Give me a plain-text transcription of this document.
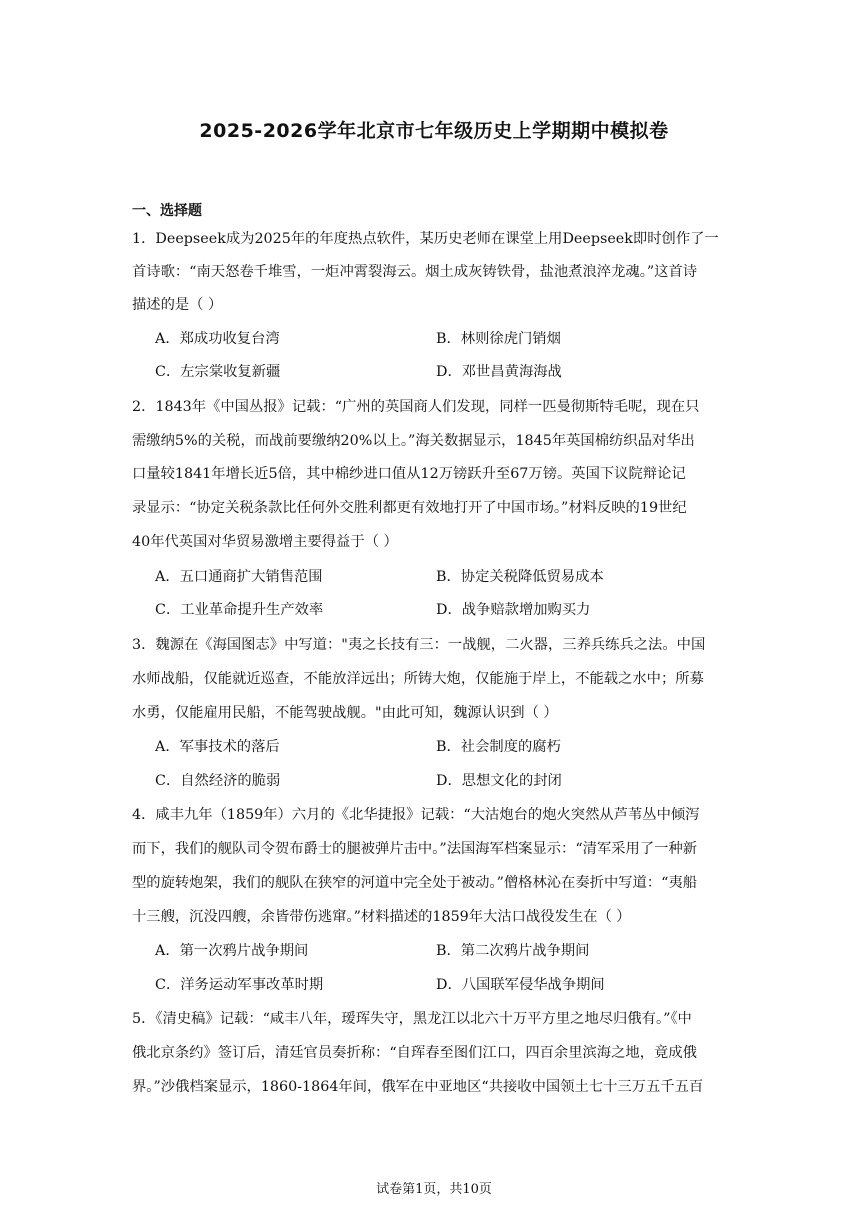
2025-2026学年北京市七年级历史上学期期中模拟卷
一、选择题
1．Deepseek成为2025年的年度热点软件，某历史老师在课堂上用Deepseek即时创作了一
首诗歌：“南天怒卷千堆雪，一炬冲霄裂海云。烟土成灰铸铁骨，盐池煮浪淬龙魂。”这首诗
描述的是（ ）
A．郑成功收复台湾	B．林则徐虎门销烟
C．左宗棠收复新疆	D．邓世昌黄海海战
2．1843年《中国丛报》记载：“广州的英国商人们发现，同样一匹曼彻斯特毛呢，现在只
需缴纳5%的关税，而战前要缴纳20%以上。”海关数据显示，1845年英国棉纺织品对华出
口量较1841年增长近5倍，其中棉纱进口值从12万镑跃升至67万镑。英国下议院辩论记
录显示：“协定关税条款比任何外交胜利都更有效地打开了中国市场。”材料反映的19世纪
40年代英国对华贸易激增主要得益于（ ）
A．五口通商扩大销售范围	B．协定关税降低贸易成本
C．工业革命提升生产效率	D．战争赔款增加购买力
3．魏源在《海国图志》中写道："夷之长技有三：一战舰，二火器，三养兵练兵之法。中国
水师战船，仅能就近巡查，不能放洋远出；所铸大炮，仅能施于岸上，不能载之水中；所募
水勇，仅能雇用民船，不能驾驶战舰。"由此可知，魏源认识到（ ）
A．军事技术的落后	B．社会制度的腐朽
C．自然经济的脆弱	D．思想文化的封闭
4．咸丰九年（1859年）六月的《北华捷报》记载：“大沽炮台的炮火突然从芦苇丛中倾泻
而下，我们的舰队司令贺布爵士的腿被弹片击中。”法国海军档案显示：“清军采用了一种新
型的旋转炮架，我们的舰队在狭窄的河道中完全处于被动。”僧格林沁在奏折中写道：“夷船
十三艘，沉没四艘，余皆带伤逃窜。”材料描述的1859年大沽口战役发生在（ ）
A．第一次鸦片战争期间	B．第二次鸦片战争期间
C．洋务运动军事改革时期	D．八国联军侵华战争期间
5．《清史稿》记载：“咸丰八年，瑷珲失守，黑龙江以北六十万平方里之地尽归俄有。”《中
俄北京条约》签订后，清廷官员奏折称：“自珲春至图们江口，四百余里滨海之地，竟成俄
界。”沙俄档案显示，1860-1864年间，俄军在中亚地区“共接收中国领土七十三万五千五百
试卷第1页，共10页
